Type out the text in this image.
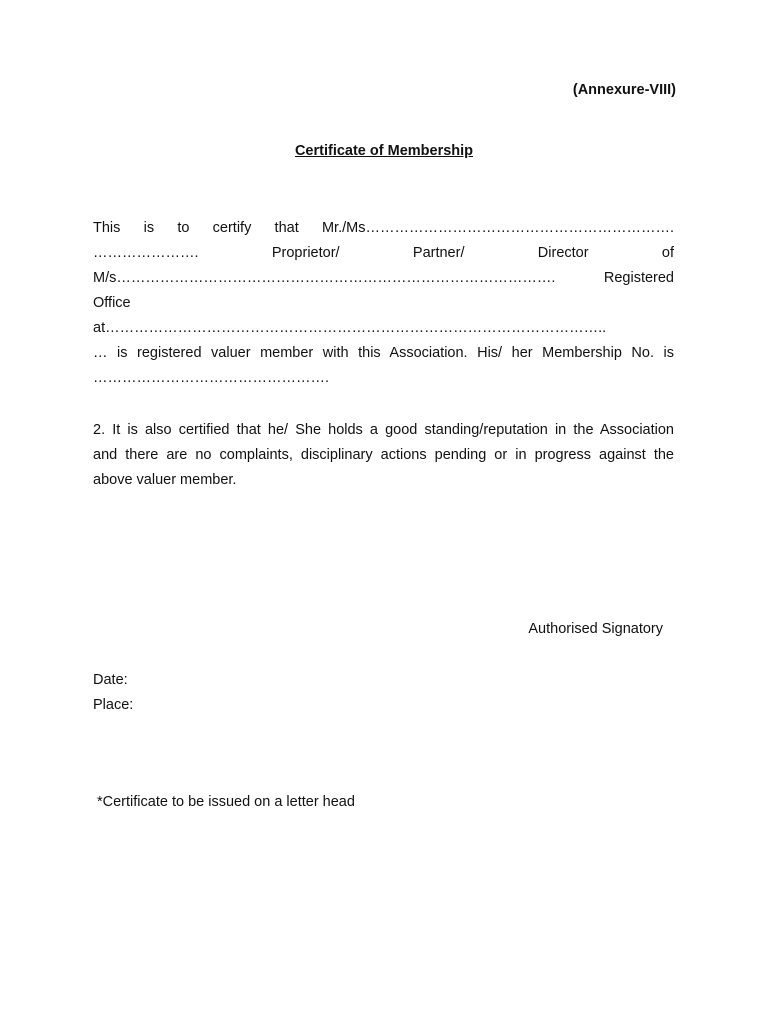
(Annexure-VIII)
Certificate of Membership
This is to certify that Mr./Ms……………………………………………………….
…………………. Proprietor/ Partner/ Director of
M/s………………………………………………………………………………. Registered
Office
at…………………………………………………………………………………………..
… is registered valuer member with this Association. His/ her Membership No. is
………………………………………….
2. It is also certified that he/ She holds a good standing/reputation in the Association
and there are no complaints, disciplinary actions pending or in progress against the
above valuer member.
Authorised Signatory
Date:
Place:
*Certificate to be issued on a letter head
